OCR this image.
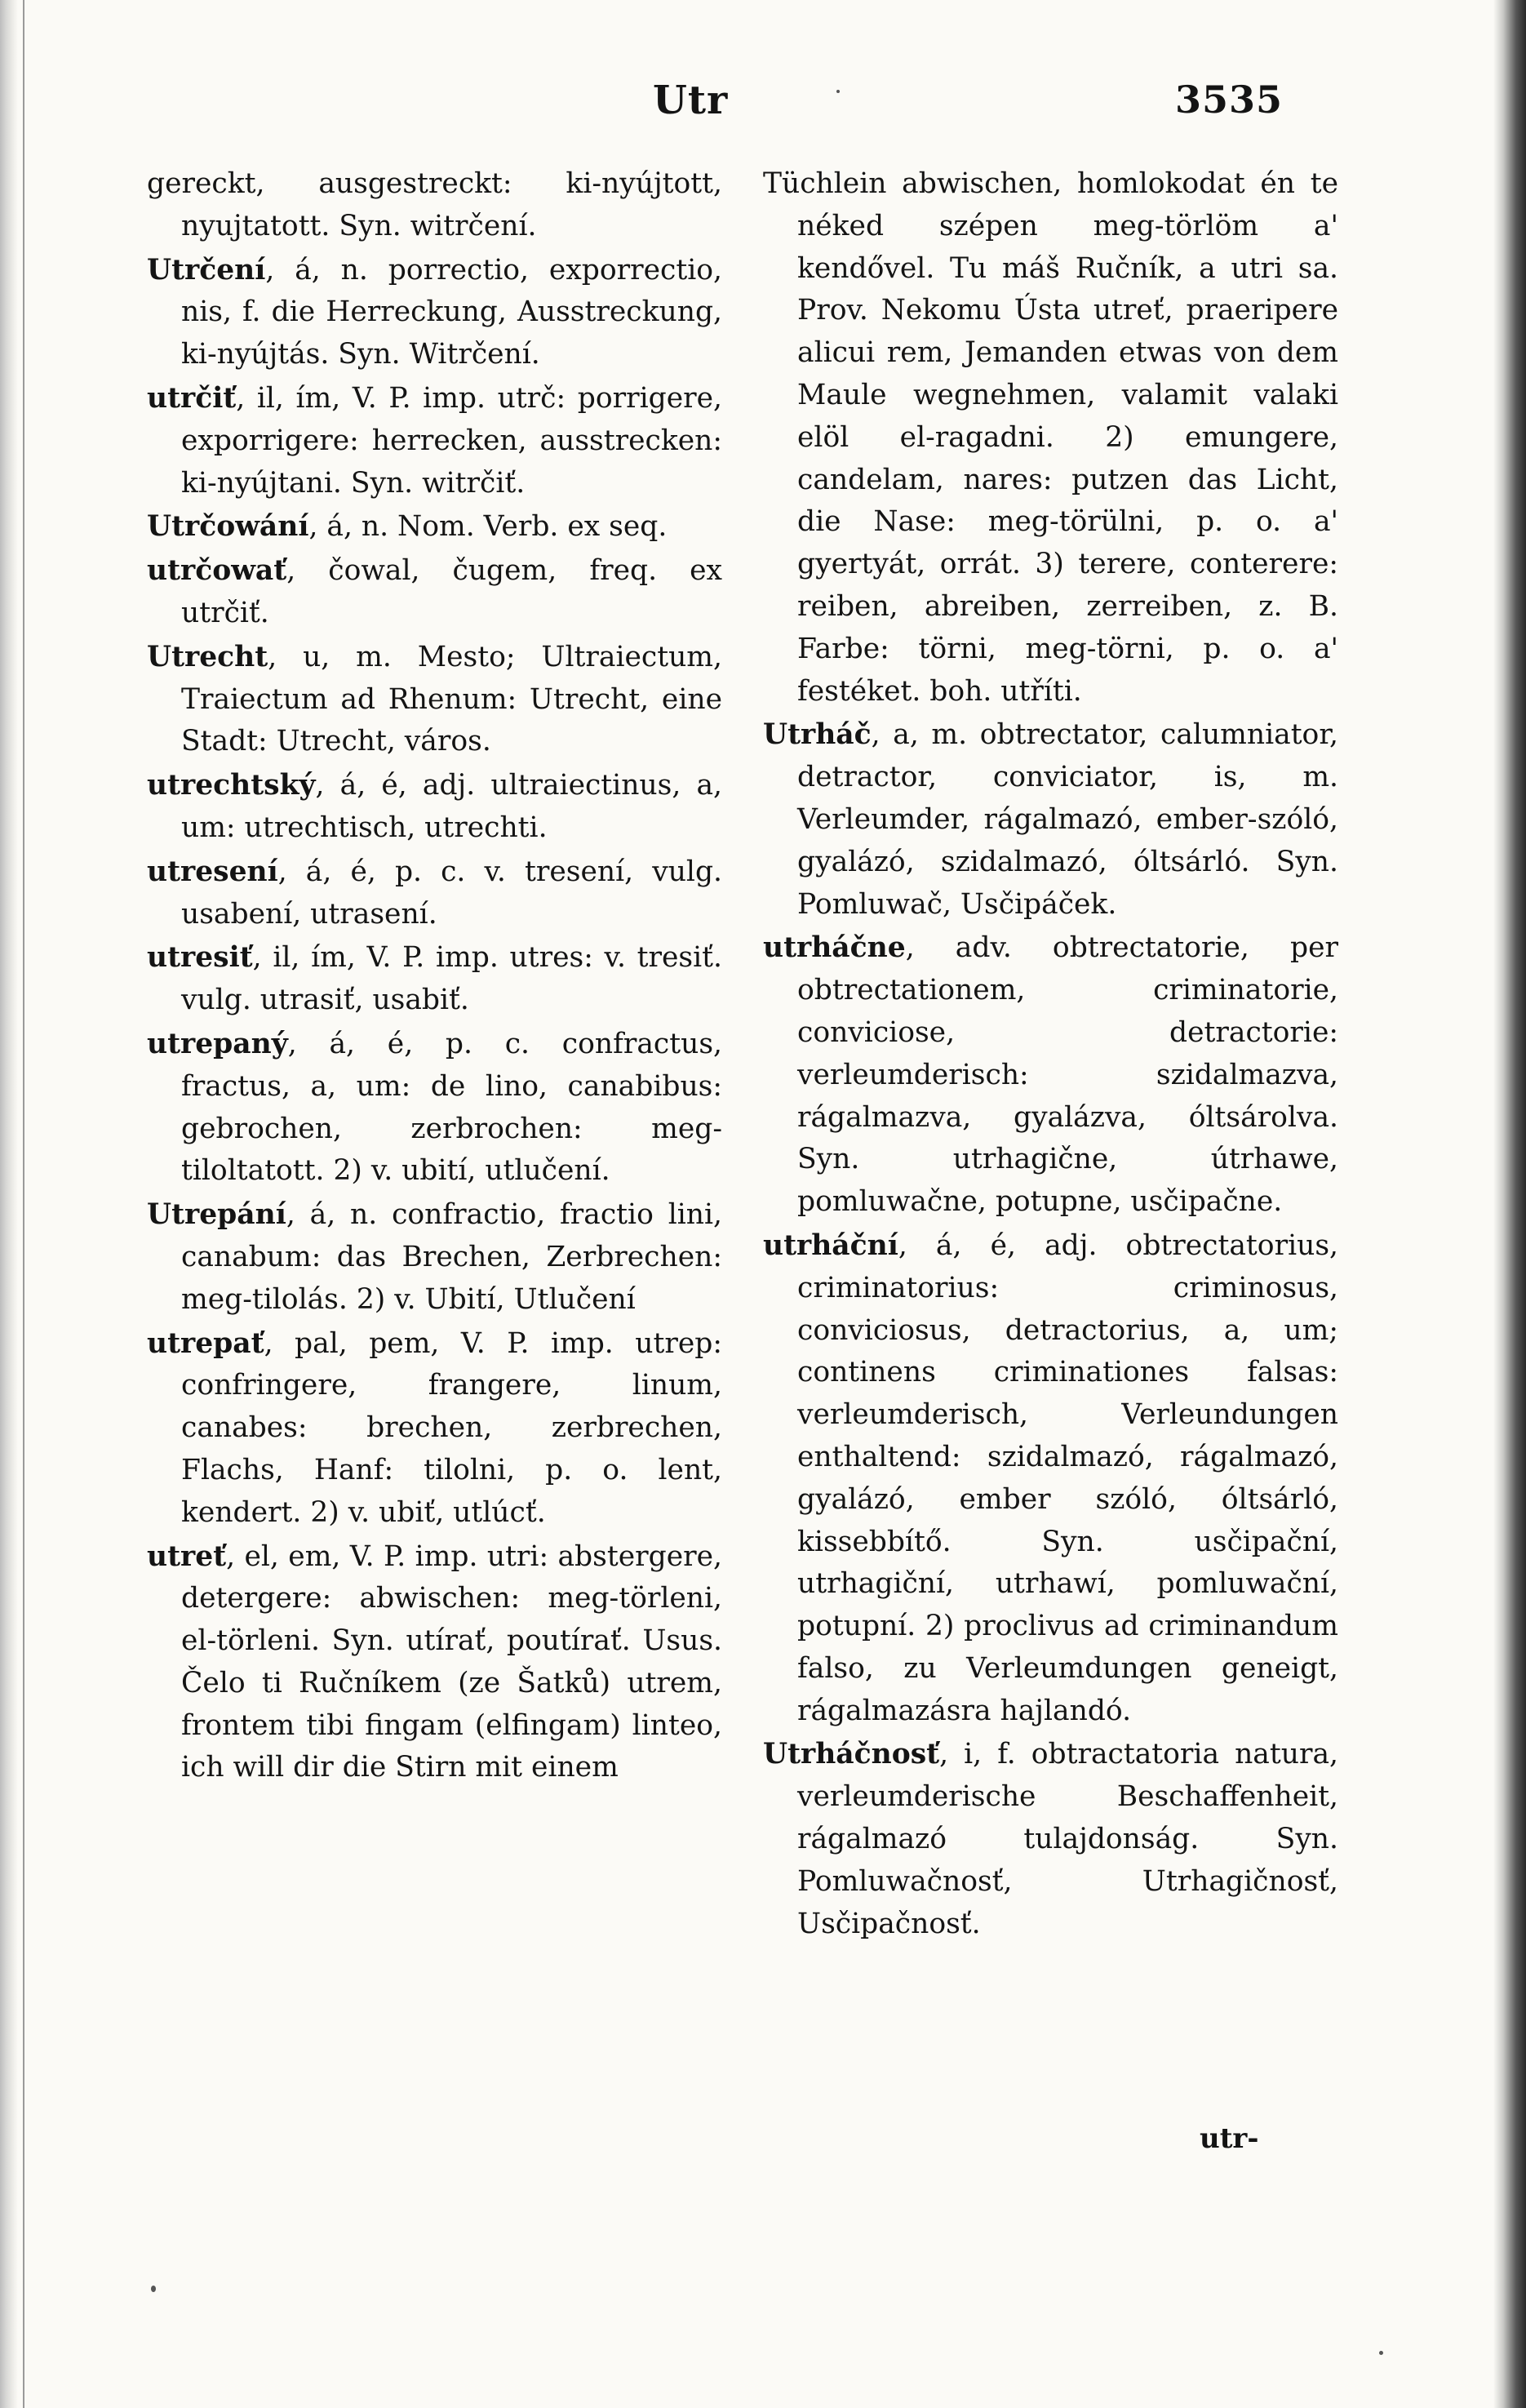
Utr	3535

gereckt, ausgestreckt: ki-nyújtott, nyujtatott. Syn. witrčení.

Utrčení, á, n. porrectio, exporrectio, nis, f. die Herreckung, Ausstreckung, ki-nyújtás. Syn. Witrčení.

utrčiť, il, ím, V. P. imp. utrč: porrigere, exporrigere: herrecken, ausstrecken: ki-nyújtani. Syn. witrčiť.

Utrčowání, á, n. Nom. Verb. ex seq.

utrčowať, čowal, čugem, freq. ex utrčiť.

Utrecht, u, m. Mesto; Ultraiectum, Traiectum ad Rhenum: Utrecht, eine Stadt: Utrecht, város.

utrechtský, á, é, adj. ultraiectinus, a, um: utrechtisch, utrechti.

utresení, á, é, p. c. v. tresení, vulg. usabení, utrasení.

utresiť, il, ím, V. P. imp. utres: v. tresiť. vulg. utrasiť, usabiť.

utrepaný, á, é, p. c. confractus, fractus, a, um: de lino, canabibus: gebrochen, zerbrochen: meg-tiloltatott. 2) v. ubití, utlučení.

Utrepání, á, n. confractio, fractio lini, canabum: das Brechen, Zerbrechen: meg-tilolás. 2) v. Ubití, Utlučení

utrepať, pal, pem, V. P. imp. utrep: confringere, frangere, linum, canabes: brechen, zerbrechen, Flachs, Hanf: tilolni, p. o. lent, kendert. 2) v. ubiť, utlúcť.

utreť, el, em, V. P. imp. utri: abstergere, detergere: abwischen: meg-törleni, el-törleni. Syn. utírať, poutírať. Usus. Čelo ti Ručníkem (ze Šatků) utrem, frontem tibi fingam (elfingam) linteo, ich will dir die Stirn mit einem

Tüchlein abwischen, homlokodat én te néked szépen meg-törlöm a' kendővel. Tu máš Ručník, a utri sa. Prov. Nekomu Ústa utreť, praeripere alicui rem, Jemanden etwas von dem Maule wegnehmen, valamit valaki elöl el-ragadni. 2) emungere, candelam, nares: putzen das Licht, die Nase: meg-törülni, p. o. a' gyertyát, orrát. 3) terere, conterere: reiben, abreiben, zerreiben, z. B. Farbe: törni, meg-törni, p. o. a' festéket. boh. utříti.

Utrháč, a, m. obtrectator, calumniator, detractor, conviciator, is, m. Verleumder, rágalmazó, ember-szóló, gyalázó, szidalmazó, óltsárló. Syn. Pomluwač, Usčipáček.

utrháčne, adv. obtrectatorie, per obtrectationem, criminatorie, conviciose, detractorie: verleumderisch: szidalmazva, rágalmazva, gyalázva, óltsárolva. Syn. utrhagične, útrhawe, pomluwačne, potupne, usčipačne.

utrháční, á, é, adj. obtrectatorius, criminatorius: criminosus, conviciosus, detractorius, a, um; continens criminationes falsas: verleumderisch, Verleundungen enthaltend: szidalmazó, rágalmazó, gyalázó, ember szóló, óltsárló, kissebbítő. Syn. usčipační, utrhagiční, utrhawí, pomluwační, potupní. 2) proclivus ad criminandum falso, zu Verleumdungen geneigt, rágalmazásra hajlandó.

Utrháčnosť, i, f. obtractatoria natura, verleumderische Beschaffenheit, rágalmazó tulajdonság. Syn. Pomluwačnosť, Utrhagičnosť, Usčipačnosť.

utr-
